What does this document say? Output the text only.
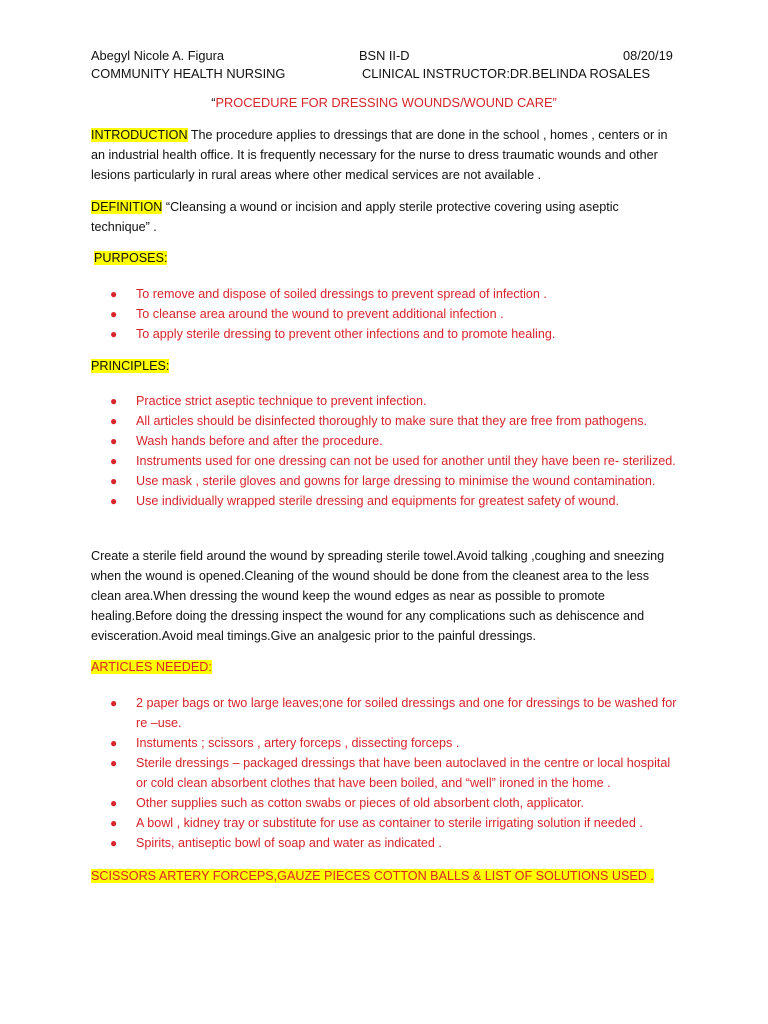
Abegyl Nicole A. Figura	BSN II-D	08/20/19
COMMUNITY HEALTH NURSING	CLINICAL INSTRUCTOR:DR.BELINDA ROSALES
“PROCEDURE FOR DRESSING WOUNDS/WOUND CARE”
INTRODUCTION The procedure applies to dressings that are done in the school , homes , centers or in
an industrial health office. It is frequently necessary for the nurse to dress traumatic wounds and other
lesions particularly in rural areas where other medical services are not available .
DEFINITION “Cleansing a wound or incision and apply sterile protective covering using aseptic
technique” .
PURPOSES:
● To remove and dispose of soiled dressings to prevent spread of infection .
● To cleanse area around the wound to prevent additional infection .
● To apply sterile dressing to prevent other infections and to promote healing.
PRINCIPLES:
● Practice strict aseptic technique to prevent infection.
● All articles should be disinfected thoroughly to make sure that they are free from pathogens.
● Wash hands before and after the procedure.
● Instruments used for one dressing can not be used for another until they have been re- sterilized.
● Use mask , sterile gloves and gowns for large dressing to minimise the wound contamination.
● Use individually wrapped sterile dressing and equipments for greatest safety of wound.
Create a sterile field around the wound by spreading sterile towel.Avoid talking ,coughing and sneezing
when the wound is opened.Cleaning of the wound should be done from the cleanest area to the less
clean area.When dressing the wound keep the wound edges as near as possible to promote
healing.Before doing the dressing inspect the wound for any complications such as dehiscence and
evisceration.Avoid meal timings.Give an analgesic prior to the painful dressings.
ARTICLES NEEDED:
● 2 paper bags or two large leaves;one for soiled dressings and one for dressings to be washed for re –use.
● Instuments ; scissors , artery forceps , dissecting forceps .
● Sterile dressings – packaged dressings that have been autoclaved in the centre or local hospital or cold clean absorbent clothes that have been boiled, and “well” ironed in the home .
● Other supplies such as cotton swabs or pieces of old absorbent cloth, applicator.
● A bowl , kidney tray or substitute for use as container to sterile irrigating solution if needed .
● Spirits, antiseptic bowl of soap and water as indicated .
SCISSORS ARTERY FORCEPS,GAUZE PIECES COTTON BALLS & LIST OF SOLUTIONS USED .
